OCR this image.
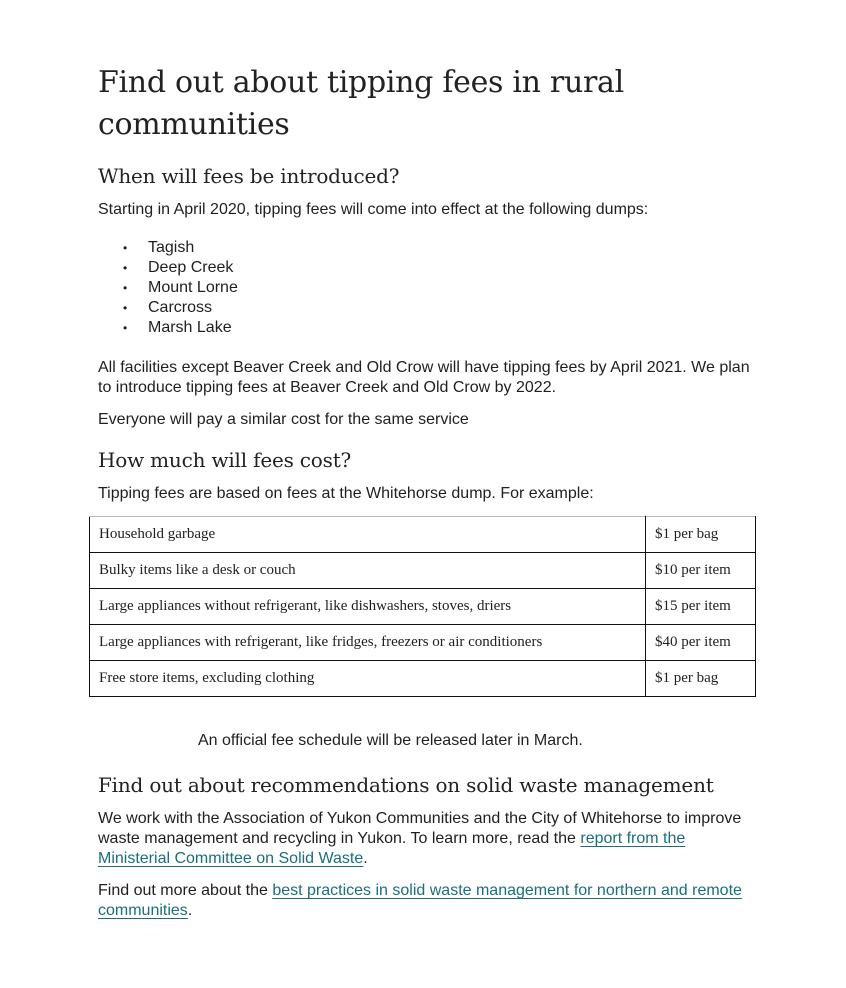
Find out about tipping fees in rural communities
When will fees be introduced?

Starting in April 2020, tipping fees will come into effect at the following dumps:

• Tagish
• Deep Creek
• Mount Lorne
• Carcross
• Marsh Lake

All facilities except Beaver Creek and Old Crow will have tipping fees by April 2021. We plan to introduce tipping fees at Beaver Creek and Old Crow by 2022.

Everyone will pay a similar cost for the same service

How much will fees cost?

Tipping fees are based on fees at the Whitehorse dump. For example:

Household garbage	$1 per bag
Bulky items like a desk or couch	$10 per item
Large appliances without refrigerant, like dishwashers, stoves, driers	$15 per item
Large appliances with refrigerant, like fridges, freezers or air conditioners	$40 per item
Free store items, excluding clothing	$1 per bag

An official fee schedule will be released later in March.

Find out about recommendations on solid waste management

We work with the Association of Yukon Communities and the City of Whitehorse to improve waste management and recycling in Yukon. To learn more, read the report from the Ministerial Committee on Solid Waste.

Find out more about the best practices in solid waste management for northern and remote communities.
